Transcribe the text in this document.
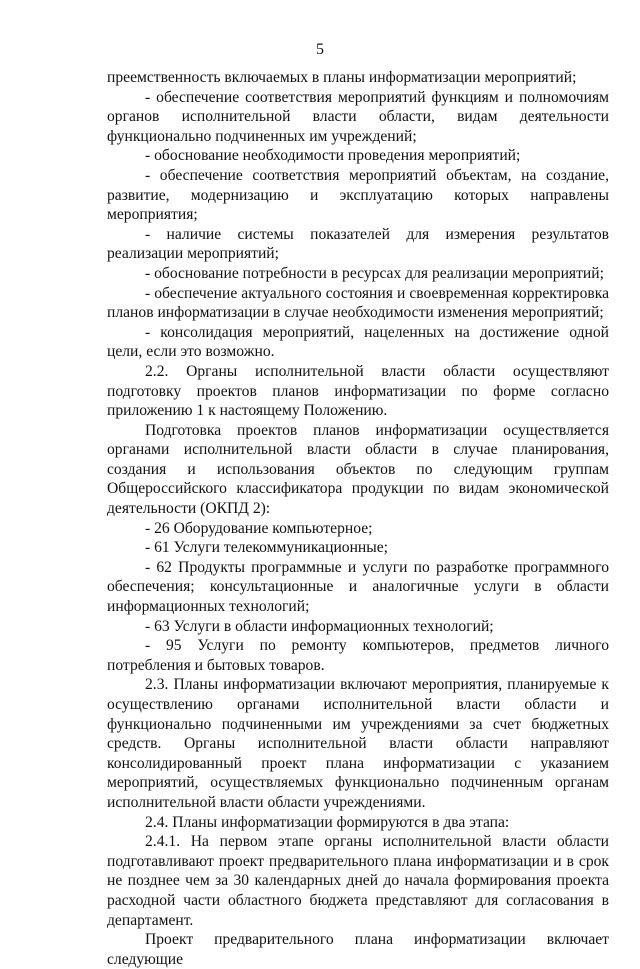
5

преемственность включаемых в планы информатизации мероприятий;

- обеспечение соответствия мероприятий функциям и полномочиям органов исполнительной власти области, видам деятельности функционально подчиненных им учреждений;

- обоснование необходимости проведения мероприятий;

- обеспечение соответствия мероприятий объектам, на создание, развитие, модернизацию и эксплуатацию которых направлены мероприятия;

- наличие системы показателей для измерения результатов реализации мероприятий;

- обоснование потребности в ресурсах для реализации мероприятий;

- обеспечение актуального состояния и своевременная корректировка планов информатизации в случае необходимости изменения мероприятий;

- консолидация мероприятий, нацеленных на достижение одной цели, если это возможно.

2.2. Органы исполнительной власти области осуществляют подготовку проектов планов информатизации по форме согласно приложению 1 к настоящему Положению.

Подготовка проектов планов информатизации осуществляется органами исполнительной власти области в случае планирования, создания и использования объектов по следующим группам Общероссийского классификатора продукции по видам экономической деятельности (ОКПД 2):

- 26 Оборудование компьютерное;

- 61 Услуги телекоммуникационные;

- 62 Продукты программные и услуги по разработке программного обеспечения; консультационные и аналогичные услуги в области информационных технологий;

- 63 Услуги в области информационных технологий;

- 95 Услуги по ремонту компьютеров, предметов личного потребления и бытовых товаров.

2.3. Планы информатизации включают мероприятия, планируемые к осуществлению органами исполнительной власти области и функционально подчиненными им учреждениями за счет бюджетных средств. Органы исполнительной власти области направляют консолидированный проект плана информатизации с указанием мероприятий, осуществляемых функционально подчиненным органам исполнительной власти области учреждениями.

2.4. Планы информатизации формируются в два этапа:

2.4.1. На первом этапе органы исполнительной власти области подготавливают проект предварительного плана информатизации и в срок не позднее чем за 30 календарных дней до начала формирования проекта расходной части областного бюджета представляют для согласования в департамент.

Проект предварительного плана информатизации включает следующие
